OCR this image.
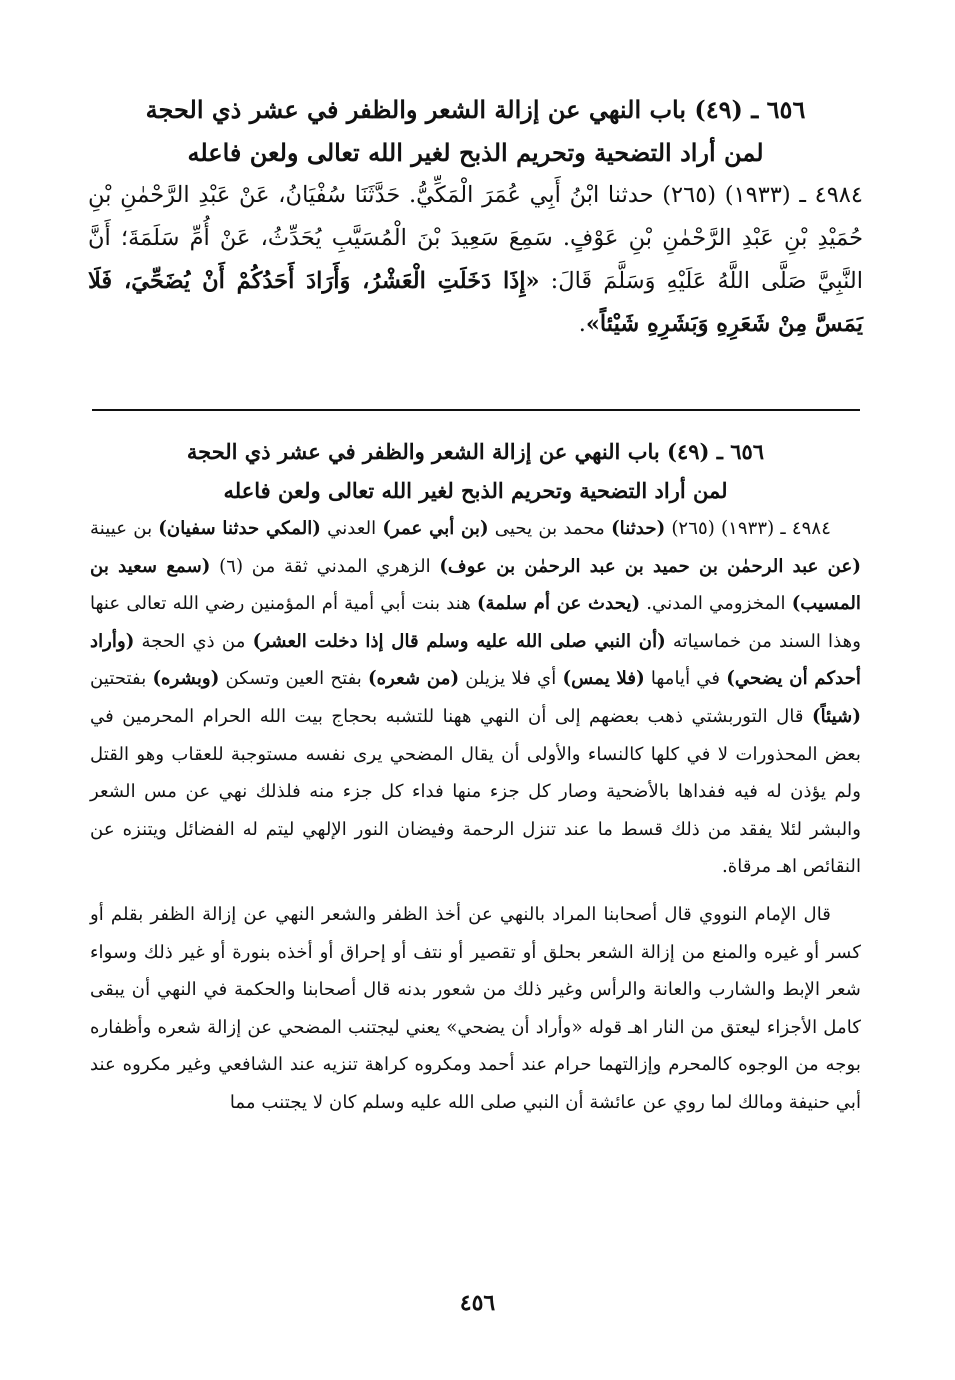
٦٥٦ ـ (٤٩) باب النهي عن إزالة الشعر والظفر في عشر ذي الحجة
لمن أراد التضحية وتحريم الذبح لغير الله تعالى ولعن فاعله
٤٩٨٤ ـ (١٩٣٣) (٢٦٥) حدثنا ابْنُ أَبِي عُمَرَ الْمَكِّيُّ. حَدَّثَنَا سُفْيَانُ، عَنْ عَبْدِ الرَّحْمٰنِ بْنِ حُمَيْدِ بْنِ عَبْدِ الرَّحْمٰنِ بْنِ عَوْفٍ. سَمِعَ سَعِيدَ بْنَ الْمُسَيَّبِ يُحَدِّثُ، عَنْ أُمِّ سَلَمَةَ؛ أَنَّ النَّبِيَّ صَلَّى اللَّهُ عَلَيْهِ وَسَلَّمَ قَالَ: «إِذَا دَخَلَتِ الْعَشْرُ، وَأَرَادَ أَحَدُكُمْ أَنْ يُضَحِّيَ، فَلَا يَمَسَّ مِنْ شَعَرِهِ وَبَشَرِهِ شَيْئاً».
٦٥٦ ـ (٤٩) باب النهي عن إزالة الشعر والظفر في عشر ذي الحجة
لمن أراد التضحية وتحريم الذبح لغير الله تعالى ولعن فاعله

٤٩٨٤ ـ (١٩٣٣) (٢٦٥) (حدثنا) محمد بن يحيى (بن أبي عمر) العدني (المكي حدثنا سفيان) بن عيينة (عن عبد الرحمٰن بن حميد بن عبد الرحمٰن بن عوف) الزهري المدني ثقة من (٦) (سمع سعيد بن المسيب) المخزومي المدني. (يحدث عن أم سلمة) هند بنت أبي أمية أم المؤمنين رضي الله تعالى عنها وهذا السند من خماسياته (أن النبي صلى الله عليه وسلم قال إذا دخلت العشر) من ذي الحجة (وأراد أحدكم أن يضحي) في أيامها (فلا يمس) أي فلا يزيلن (من شعره) بفتح العين وتسكن (وبشره) بفتحتين (شيئاً) قال التوربشتي ذهب بعضهم إلى أن النهي ههنا للتشبه بحجاج بيت الله الحرام المحرمين في بعض المحذورات لا في كلها كالنساء والأولى أن يقال المضحي يرى نفسه مستوجبة للعقاب وهو القتل ولم يؤذن له فيه ففداها بالأضحية وصار كل جزء منها فداء كل جزء منه فلذلك نهي عن مس الشعر والبشر لئلا يفقد من ذلك قسط ما عند تنزل الرحمة وفيضان النور الإلهي ليتم له الفضائل ويتنزه عن النقائص اهـ مرقاة.

قال الإمام النووي قال أصحابنا المراد بالنهي عن أخذ الظفر والشعر النهي عن إزالة الظفر بقلم أو كسر أو غيره والمنع من إزالة الشعر بحلق أو تقصير أو نتف أو إحراق أو أخذه بنورة أو غير ذلك وسواء شعر الإبط والشارب والعانة والرأس وغير ذلك من شعور بدنه قال أصحابنا والحكمة في النهي أن يبقى كامل الأجزاء ليعتق من النار اهـ قوله «وأراد أن يضحي» يعني ليجتنب المضحي عن إزالة شعره وأظفاره بوجه من الوجوه كالمحرم وإزالتهما حرام عند أحمد ومكروه كراهة تنزيه عند الشافعي وغير مكروه عند أبي حنيفة ومالك لما روي عن عائشة أن النبي صلى الله عليه وسلم كان لا يجتنب مما

٤٥٦
